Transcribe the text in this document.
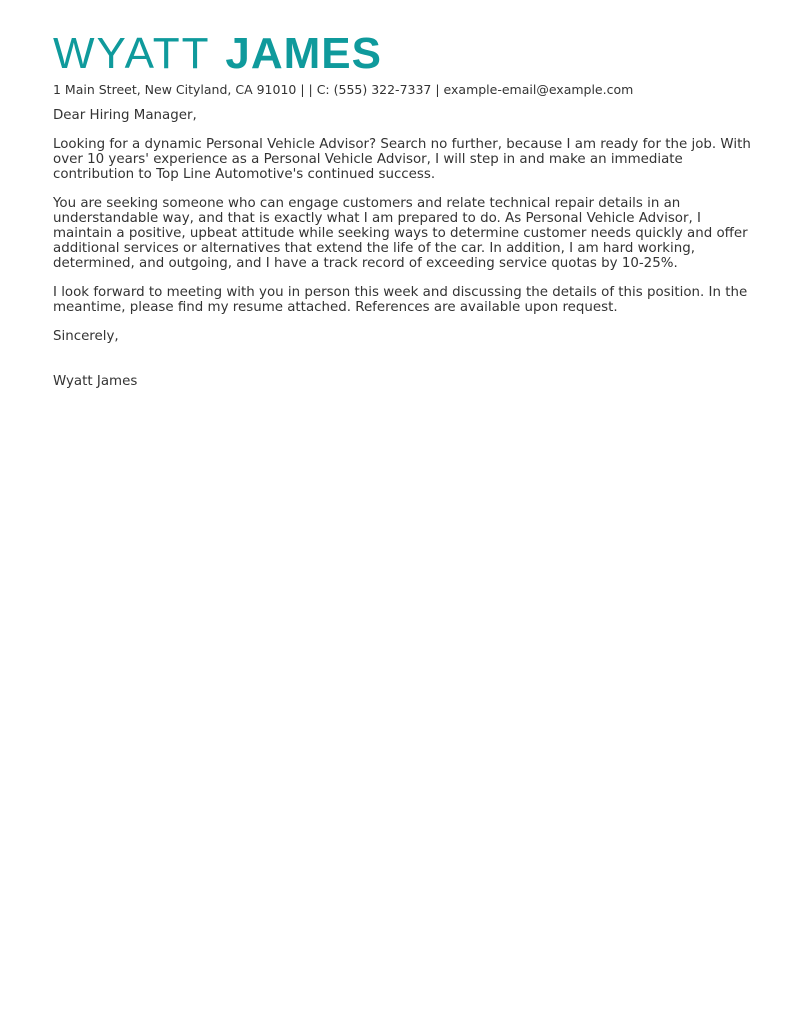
WYATT JAMES
1 Main Street, New Cityland, CA 91010 | | C: (555) 322-7337 | example-email@example.com

Dear Hiring Manager,

Looking for a dynamic Personal Vehicle Advisor? Search no further, because I am ready for the job. With over 10 years' experience as a Personal Vehicle Advisor, I will step in and make an immediate contribution to Top Line Automotive's continued success.

You are seeking someone who can engage customers and relate technical repair details in an understandable way, and that is exactly what I am prepared to do. As Personal Vehicle Advisor, I maintain a positive, upbeat attitude while seeking ways to determine customer needs quickly and offer additional services or alternatives that extend the life of the car. In addition, I am hard working, determined, and outgoing, and I have a track record of exceeding service quotas by 10-25%.

I look forward to meeting with you in person this week and discussing the details of this position. In the meantime, please find my resume attached. References are available upon request.

Sincerely,

Wyatt James
